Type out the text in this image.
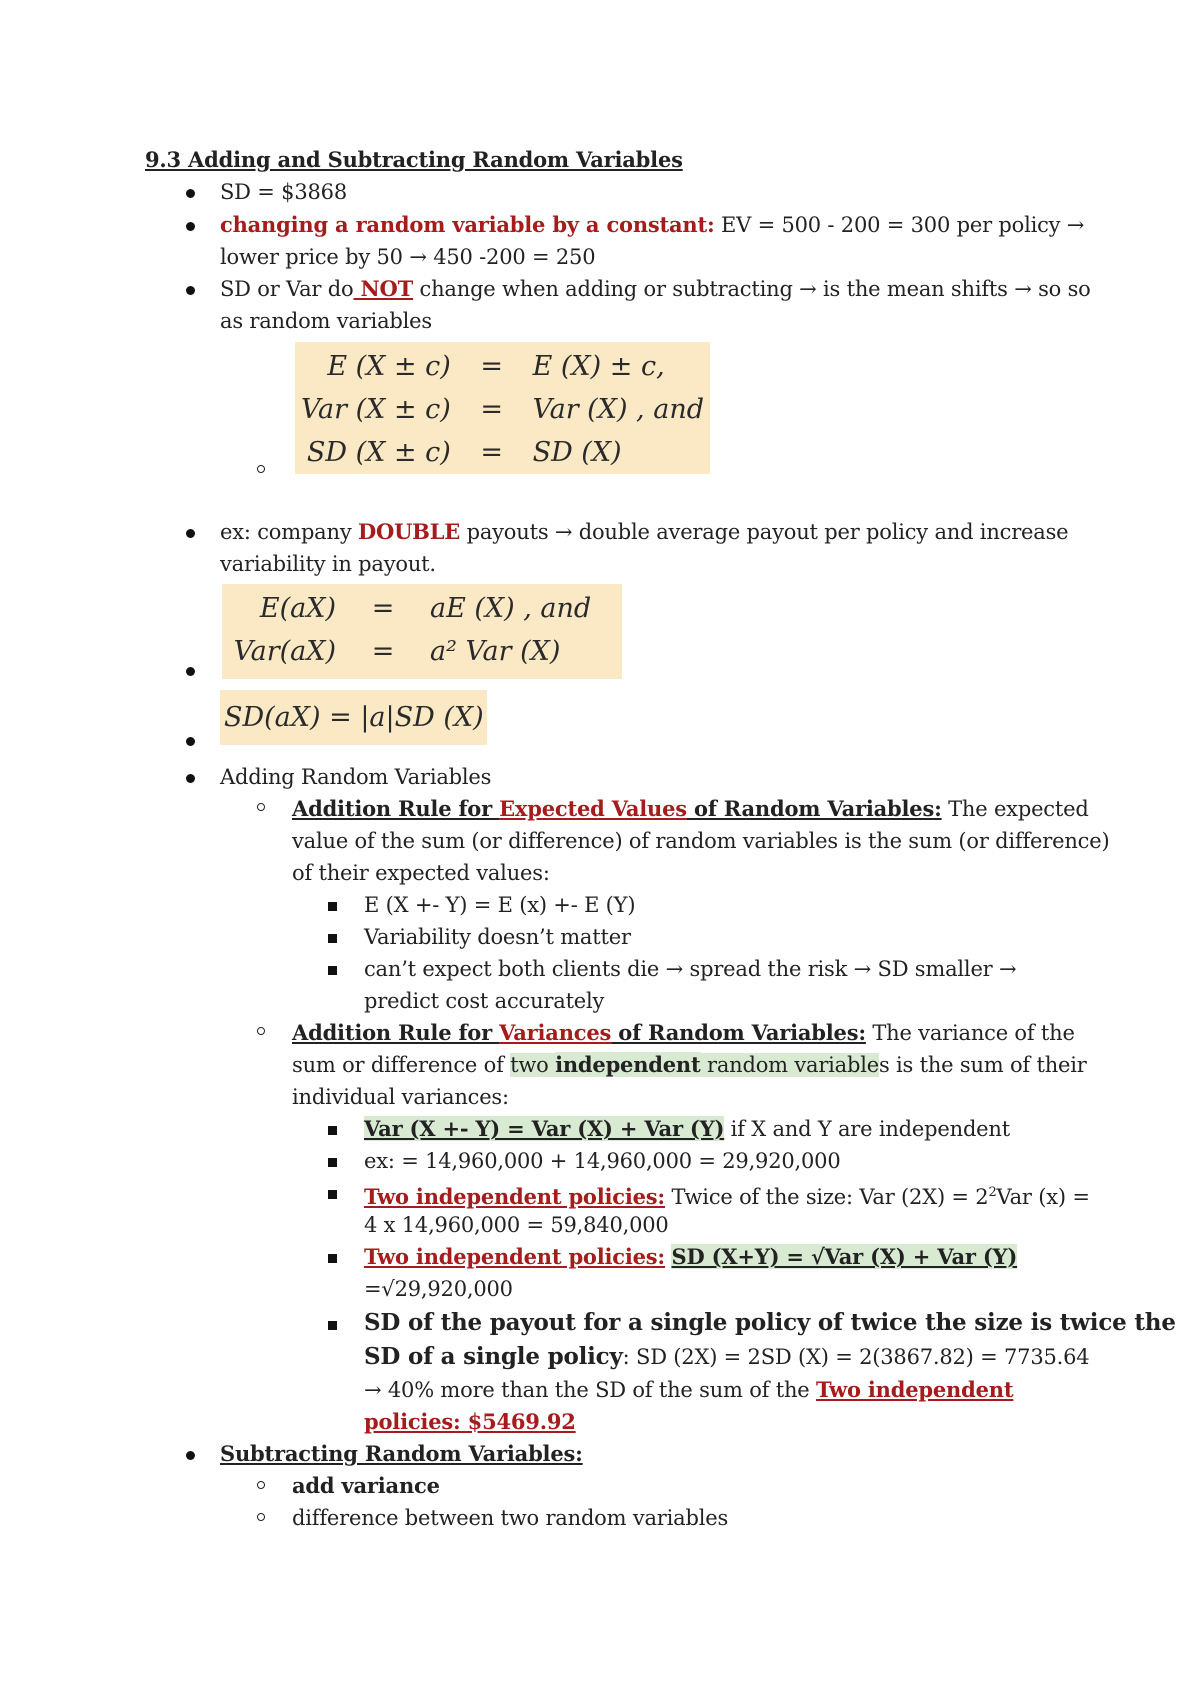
9.3 Adding and Subtracting Random Variables
SD = $3868
changing a random variable by a constant: EV = 500 - 200 = 300 per policy →
lower price by 50 → 450 -200 = 250
SD or Var do NOT change when adding or subtracting → is the mean shifts → so so
as random variables
E (X ± c)	=	E (X) ± c,
Var (X ± c)	=	Var (X) , and
SD (X ± c)	=	SD (X)
ex: company DOUBLE payouts → double average payout per policy and increase
variability in payout.
E(aX)	=	aE (X) , and
Var(aX)	=	a² Var (X)
SD(aX) = |a|SD (X)
Adding Random Variables
Addition Rule for Expected Values of Random Variables: The expected
value of the sum (or difference) of random variables is the sum (or difference)
of their expected values:
E (X +- Y) = E (x) +- E (Y)
Variability doesn’t matter
can’t expect both clients die → spread the risk → SD smaller →
predict cost accurately
Addition Rule for Variances of Random Variables: The variance of the
sum or difference of two independent random variables is the sum of their
individual variances:
Var (X +- Y) = Var (X) + Var (Y) if X and Y are independent
ex: = 14,960,000 + 14,960,000 = 29,920,000
Two independent policies: Twice of the size: Var $(2X) = 2^2Var$ (x) =
4 x 14,960,000 = 59,840,000
Two independent policies: SD (X+Y) = √Var (X) + Var (Y)
=√29,920,000
SD of the payout for a single policy of twice the size is twice the
SD of a single policy: SD (2X) = 2SD (X) = 2(3867.82) = 7735.64
→ 40% more than the SD of the sum of the Two independent
policies: $5469.92
Subtracting Random Variables:
add variance
difference between two random variables
